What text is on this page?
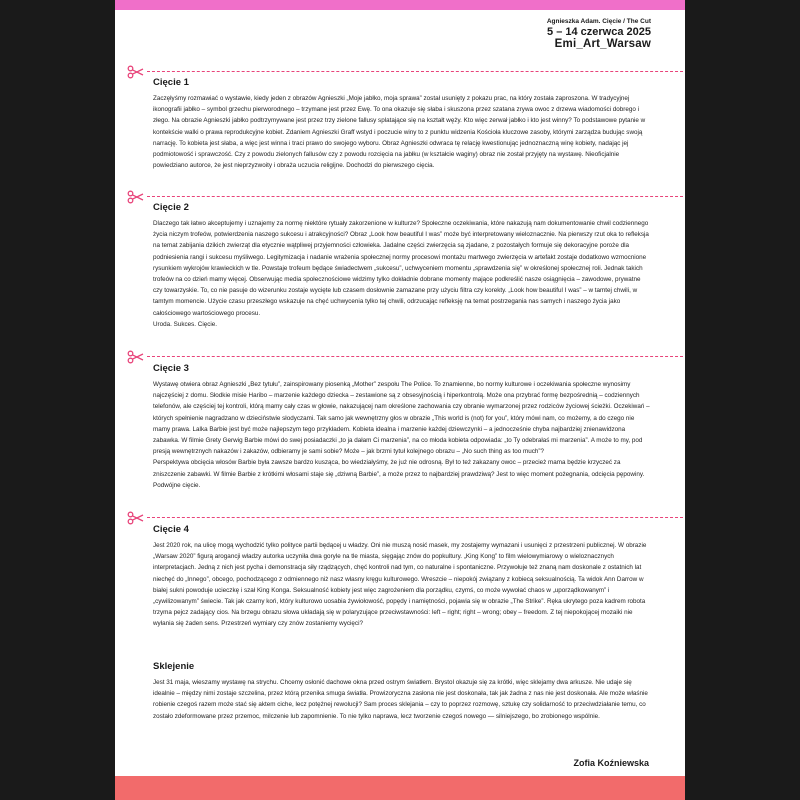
Agnieszka Adam. Cięcie / The Cut
5 – 14 czerwca 2025
Emi_Art_Warsaw
Cięcie 1

Zaczęłyśmy rozmawiać o wystawie, kiedy jeden z obrazów Agnieszki „Moje jabłko, moja sprawa” został usunięty z pokazu prac, na który została zaproszona. W tradycyjnej ikonografii jabłko – symbol grzechu pierworodnego – trzymane jest przez Ewę. To ona okazuje się słaba i skuszona przez szatana zrywa owoc z drzewa wiadomości dobrego i złego. Na obrazie Agnieszki jabłko podtrzymywane jest przez trzy zielone fallusy splatające się na kształt węży. Kto więc zerwał jabłko i kto jest winny? To podstawowe pytanie w kontekście walki o prawa reprodukcyjne kobiet. Zdaniem Agnieszki Graff wstyd i poczucie winy to z punktu widzenia Kościoła kluczowe zasoby, którymi zarządza budując swoją narrację. To kobieta jest słaba, a więc jest winna i traci prawo do swojego wyboru. Obraz Agnieszki odwraca tę relację kwestionując jednoznaczną winę kobiety, nadając jej podmiotowość i sprawczość. Czy z powodu zielonych fallusów czy z powodu rozcięcia na jabłku (w kształcie waginy) obraz nie został przyjęty na wystawę. Nieoficjalnie powiedziano autorce, że jest nieprzyzwoity i obraża uczucia religijne. Dochodzi do pierwszego cięcia.

Cięcie 2

Dlaczego tak łatwo akceptujemy i uznajemy za normę niektóre rytuały zakorzenione w kulturze? Społeczne oczekiwania, które nakazują nam dokumentowanie chwil codziennego życia niczym trofeów, potwierdzenia naszego sukcesu i atrakcyjności? Obraz „Look how beautiful I was” może być interpretowany wieloznacznie. Na pierwszy rzut oka to refleksja na temat zabijania dzikich zwierząt dla etycznie wątpliwej przyjemności człowieka. Jadalne części zwierzęcia są zjadane, z pozostałych formuje się dekoracyjne poroże dla podniesienia rangi i sukcesu myśliwego. Legitymizacja i nadanie wrażenia społecznej normy procesowi montażu martwego zwierzęcia w artefakt zostaje dodatkowo wzmocnione rysunkiem wykrojów krawieckich w tle. Powstaje trofeum będące świadectwem „sukcesu”, uchwyceniem momentu „sprawdzenia się” w określonej społecznej roli. Jednak takich trofeów na co dzień mamy więcej. Obserwując media społecznościowe widzimy tylko dokładnie dobrane momenty mające podkreślić nasze osiągnięcia – zawodowe, prywatne czy towarzyskie. To, co nie pasuje do wizerunku zostaje wycięte lub czasem dosłownie zamazane przy użyciu filtra czy korekty. „Look how beautiful I was” – w tamtej chwili, w tamtym momencie. Użycie czasu przeszłego wskazuje na chęć uchwycenia tylko tej chwili, odrzucając refleksję na temat postrzegania nas samych i naszego życia jako całościowego wartościowego procesu.

Uroda. Sukces. Cięcie.

Cięcie 3

Wystawę otwiera obraz Agnieszki „Bez tytułu”, zainspirowany piosenką „Mother” zespołu The Police. To znamienne, bo normy kulturowe i oczekiwania społeczne wynosimy najczęściej z domu. Słodkie misie Haribo – marzenie każdego dziecka – zestawione są z obsesyjnością i hiperkontrolą. Może ona przybrać formę bezpośrednią – codziennych telefonów, ale częściej tej kontroli, którą mamy cały czas w głowie, nakazującej nam określone zachowania czy obranie wymarzonej przez rodziców życiowej ścieżki. Oczekiwań – których spełnienie nagradzano w dzieciństwie słodyczami. Tak samo jak wewnętrzny głos w obrazie „This world is (not) for you”, który mówi nam, co możemy, a do czego nie mamy prawa. Lalka Barbie jest być może najlepszym tego przykładem. Kobieta idealna i marzenie każdej dziewczynki – a jednocześnie chyba najbardziej znienawidzona zabawka. W filmie Grety Gerwig Barbie mówi do swej posiadaczki „to ja dałam Ci marzenia”, na co młoda kobieta odpowiada: „to Ty odebrałaś mi marzenia”. A może to my, pod presją wewnętrznych nakazów i zakazów, odbieramy je sami sobie? Może – jak brzmi tytuł kolejnego obrazu – „No such thing as too much”?

Perspektywa obcięcia włosów Barbie była zawsze bardzo kusząca, bo wiedziałyśmy, że już nie odrosną. Był to też zakazany owoc – przecież mama będzie krzyczeć za zniszczenie zabawki. W filmie Barbie z krótkimi włosami staje się „dziwną Barbie”, a może przez to najbardziej prawdziwą? Jest to więc moment pożegnania, odcięcia pępowiny. Podwójne cięcie.

Cięcie 4

Jest 2020 rok, na ulicę mogą wychodzić tylko polityce partii będącej u władzy. Oni nie muszą nosić masek, my zostajemy wymazani i usunięci z przestrzeni publicznej. W obrazie „Warsaw 2020” figurą arogancji władzy autorka uczyniła dwa goryle na tle miasta, sięgając znów do popkultury. „King Kong” to film wielowymiarowy o wieloznacznych interpretacjach. Jedną z nich jest pycha i demonstracja siły rządzących, chęć kontroli nad tym, co naturalne i spontaniczne. Przywołuje też znaną nam doskonale z ostatnich lat niechęć do „Innego”, obcego, pochodzącego z odmiennego niż nasz własny kręgu kulturowego. Wreszcie – niepokój związany z kobiecą seksualnością. Ta widok Ann Darrow w białej sukni powoduje ucieczkę i szał King Konga. Seksualność kobiety jest więc zagrożeniem dla porządku, czymś, co może wywołać chaos w „uporządkowanym” i „cywilizowanym” świecie. Tak jak czarny koń, który kulturowo uosabia żywiołowość, popędy i namiętności, pojawia się w obrazie „The Strike”. Ręka ukrytego poza kadrem robota trzyma pejcz zadający cios. Na brzegu obrazu słowa układają się w polaryzujące przeciwstawności: left – right; right – wrong; obey – freedom. Z tej niepokojącej mozaiki nie wyłania się żaden sens. Przestrzeń wymiary czy znów zostaniemy wycięci?

Sklejenie

Jest 31 maja, wieszamy wystawę na strychu. Chcemy osłonić dachowe okna przed ostrym światłem. Brystol okazuje się za krótki, więc sklejamy dwa arkusze. Nie udaje się idealnie – między nimi zostaje szczelina, przez którą przenika smuga światła. Prowizoryczna zasłona nie jest doskonała, tak jak żadna z nas nie jest doskonała. Ale może właśnie robienie czegoś razem może stać się aktem ciche, lecz potężnej rewolucji? Sam proces sklejania – czy to poprzez rozmowę, sztukę czy solidarność to przeciwdziałanie temu, co zostało zdeformowane przez przemoc, milczenie lub zapomnienie. To nie tylko naprawa, lecz tworzenie czegoś nowego — silniejszego, bo zrobionego wspólnie.

Zofia Koźniewska
